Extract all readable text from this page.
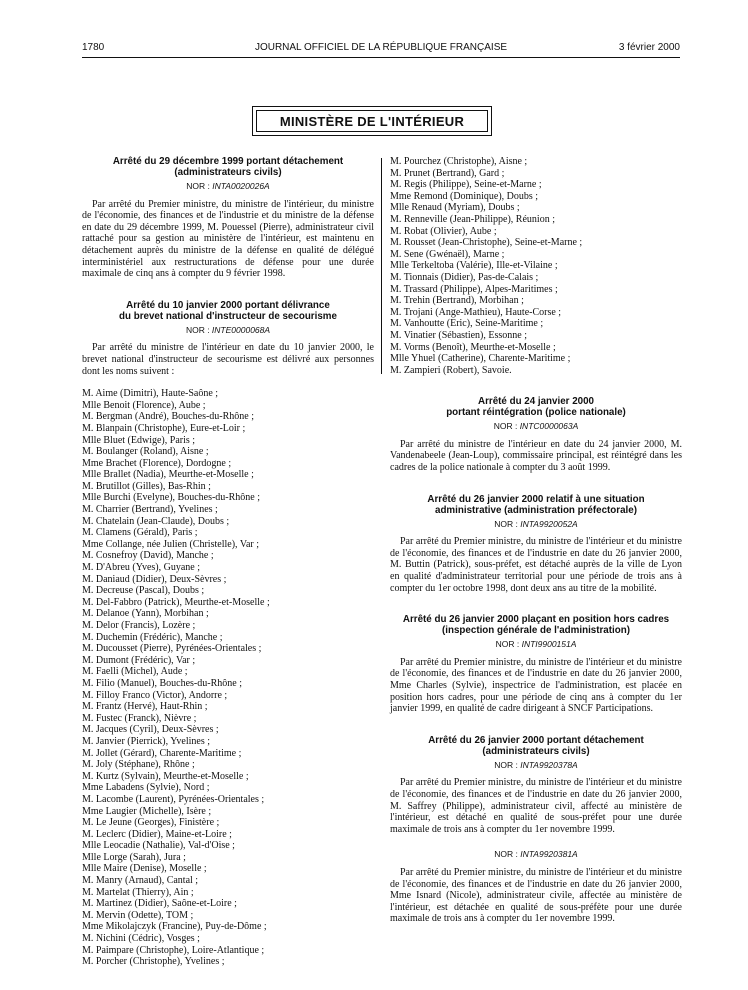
1780	JOURNAL OFFICIEL DE LA RÉPUBLIQUE FRANÇAISE	3 février 2000
MINISTÈRE DE L'INTÉRIEUR

Arrêté du 29 décembre 1999 portant détachement

(administrateurs civils)

NOR : INTA0020026A

Par arrêté du Premier ministre, du ministre de l'intérieur, du ministre de l'économie, des finances et de l'industrie et du ministre de la défense en date du 29 décembre 1999, M. Pouessel (Pierre), administrateur civil rattaché pour sa gestion au ministère de l'intérieur, est maintenu en détachement auprès du ministre de la défense en qualité de délégué interministériel aux restructurations de défense pour une durée maximale de cinq ans à compter du 9 février 1998.

Arrêté du 10 janvier 2000 portant délivrance

du brevet national d'instructeur de secourisme

NOR : INTE0000068A

Par arrêté du ministre de l'intérieur en date du 10 janvier 2000, le brevet national d'instructeur de secourisme est délivré aux personnes dont les noms suivent :

M. Aime (Dimitri), Haute-Saône ;
Mlle Benoit (Florence), Aube ;
M. Bergman (André), Bouches-du-Rhône ;
M. Blanpain (Christophe), Eure-et-Loir ;
Mlle Bluet (Edwige), Paris ;
M. Boulanger (Roland), Aisne ;
Mme Brachet (Florence), Dordogne ;
Mlle Brallet (Nadia), Meurthe-et-Moselle ;
M. Brutillot (Gilles), Bas-Rhin ;
Mlle Burchi (Evelyne), Bouches-du-Rhône ;
M. Charrier (Bertrand), Yvelines ;
M. Chatelain (Jean-Claude), Doubs ;
M. Clamens (Gérald), Paris ;
Mme Collange, née Julien (Christelle), Var ;
M. Cosnefroy (David), Manche ;
M. D'Abreu (Yves), Guyane ;
M. Daniaud (Didier), Deux-Sèvres ;
M. Decreuse (Pascal), Doubs ;
M. Del-Fabbro (Patrick), Meurthe-et-Moselle ;
M. Delanoe (Yann), Morbihan ;
M. Delor (Francis), Lozère ;
M. Duchemin (Frédéric), Manche ;
M. Ducousset (Pierre), Pyrénées-Orientales ;
M. Dumont (Frédéric), Var ;
M. Faelli (Michel), Aude ;
M. Filio (Manuel), Bouches-du-Rhône ;
M. Filloy Franco (Victor), Andorre ;
M. Frantz (Hervé), Haut-Rhin ;
M. Fustec (Franck), Nièvre ;
M. Jacques (Cyril), Deux-Sèvres ;
M. Janvier (Pierrick), Yvelines ;
M. Jollet (Gérard), Charente-Maritime ;
M. Joly (Stéphane), Rhône ;
M. Kurtz (Sylvain), Meurthe-et-Moselle ;
Mme Labadens (Sylvie), Nord ;
M. Lacombe (Laurent), Pyrénées-Orientales ;
Mme Laugier (Michelle), Isère ;
M. Le Jeune (Georges), Finistère ;
M. Leclerc (Didier), Maine-et-Loire ;
Mlle Leocadie (Nathalie), Val-d'Oise ;
Mlle Lorge (Sarah), Jura ;
Mlle Maire (Denise), Moselle ;
M. Manry (Arnaud), Cantal ;
M. Martelat (Thierry), Ain ;
M. Martinez (Didier), Saône-et-Loire ;
M. Mervin (Odette), TOM ;
Mme Mikolajczyk (Francine), Puy-de-Dôme ;
M. Nichini (Cédric), Vosges ;
M. Paimpare (Christophe), Loire-Atlantique ;
M. Porcher (Christophe), Yvelines ;
M. Pourchez (Christophe), Aisne ;
M. Prunet (Bertrand), Gard ;
M. Regis (Philippe), Seine-et-Marne ;
Mme Remond (Dominique), Doubs ;
Mlle Renaud (Myriam), Doubs ;
M. Renneville (Jean-Philippe), Réunion ;
M. Robat (Olivier), Aube ;
M. Rousset (Jean-Christophe), Seine-et-Marne ;
M. Sene (Gwénaël), Marne ;
Mlle Terkeltoba (Valérie), Ille-et-Vilaine ;
M. Tionnais (Didier), Pas-de-Calais ;
M. Trassard (Philippe), Alpes-Maritimes ;
M. Trehin (Bertrand), Morbihan ;
M. Trojani (Ange-Mathieu), Haute-Corse ;
M. Vanhoutte (Eric), Seine-Maritime ;
M. Vinatier (Sébastien), Essonne ;
M. Vorms (Benoît), Meurthe-et-Moselle ;
Mlle Yhuel (Catherine), Charente-Maritime ;
M. Zampieri (Robert), Savoie.

Arrêté du 24 janvier 2000

portant réintégration (police nationale)

NOR : INTC0000063A

Par arrêté du ministre de l'intérieur en date du 24 janvier 2000, M. Vandenabeele (Jean-Loup), commissaire principal, est réintégré dans les cadres de la police nationale à compter du 3 août 1999.

Arrêté du 26 janvier 2000 relatif à une situation

administrative (administration préfectorale)

NOR : INTA9920052A

Par arrêté du Premier ministre, du ministre de l'intérieur et du ministre de l'économie, des finances et de l'industrie en date du 26 janvier 2000, M. Buttin (Patrick), sous-préfet, est détaché auprès de la ville de Lyon en qualité d'administrateur territorial pour une période de trois ans à compter du 1er octobre 1998, dont deux ans au titre de la mobilité.

Arrêté du 26 janvier 2000 plaçant en position hors cadres

(inspection générale de l'administration)

NOR : INTI9900151A

Par arrêté du Premier ministre, du ministre de l'intérieur et du ministre de l'économie, des finances et de l'industrie en date du 26 janvier 2000, Mme Charles (Sylvie), inspectrice de l'administration, est placée en position hors cadres, pour une période de cinq ans à compter du 1er janvier 1999, en qualité de cadre dirigeant à SNCF Participations.

Arrêté du 26 janvier 2000 portant détachement

(administrateurs civils)

NOR : INTA9920378A

Par arrêté du Premier ministre, du ministre de l'intérieur et du ministre de l'économie, des finances et de l'industrie en date du 26 janvier 2000, M. Saffrey (Philippe), administrateur civil, affecté au ministère de l'intérieur, est détaché en qualité de sous-préfet pour une durée maximale de trois ans à compter du 1er novembre 1999.

NOR : INTA9920381A

Par arrêté du Premier ministre, du ministre de l'intérieur et du ministre de l'économie, des finances et de l'industrie en date du 26 janvier 2000, Mme Isnard (Nicole), administrateur civile, affectée au ministère de l'intérieur, est détachée en qualité de sous-préfète pour une durée maximale de trois ans à compter du 1er novembre 1999.
